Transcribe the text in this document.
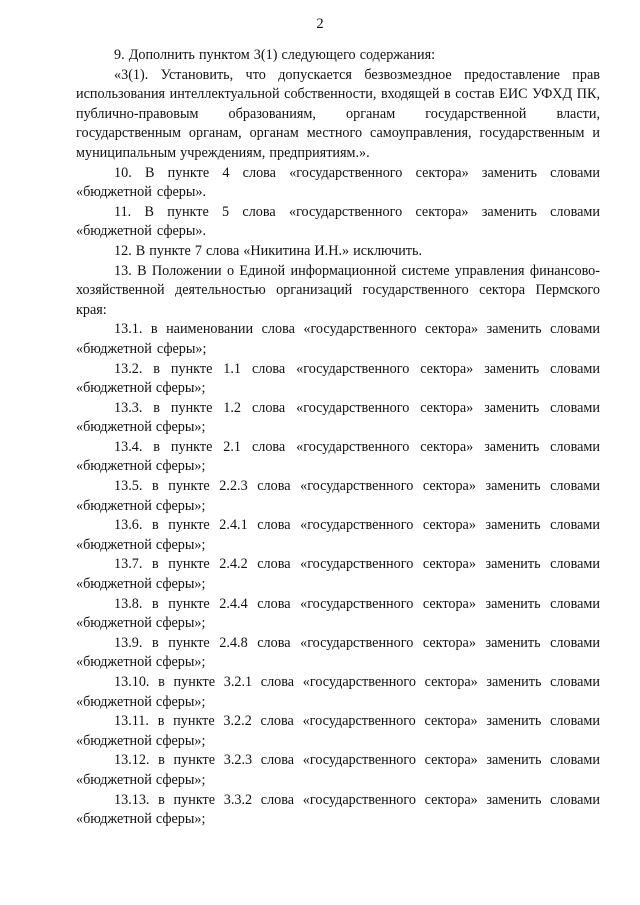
2

9. Дополнить пунктом 3(1) следующего содержания:

«3(1). Установить, что допускается безвозмездное предоставление прав использования интеллектуальной собственности, входящей в состав ЕИС УФХД ПК, публично-правовым образованиям, органам государственной власти, государственным органам, органам местного самоуправления, государственным и муниципальным учреждениям, предприятиям.».

10. В пункте 4 слова «государственного сектора» заменить словами «бюджетной сферы».

11. В пункте 5 слова «государственного сектора» заменить словами «бюджетной сферы».

12. В пункте 7 слова «Никитина И.Н.» исключить.

13. В Положении о Единой информационной системе управления финансово-хозяйственной деятельностью организаций государственного сектора Пермского края:

13.1. в наименовании слова «государственного сектора» заменить словами «бюджетной сферы»;

13.2. в пункте 1.1 слова «государственного сектора» заменить словами «бюджетной сферы»;

13.3. в пункте 1.2 слова «государственного сектора» заменить словами «бюджетной сферы»;

13.4. в пункте 2.1 слова «государственного сектора» заменить словами «бюджетной сферы»;

13.5. в пункте 2.2.3 слова «государственного сектора» заменить словами «бюджетной сферы»;

13.6. в пункте 2.4.1 слова «государственного сектора» заменить словами «бюджетной сферы»;

13.7. в пункте 2.4.2 слова «государственного сектора» заменить словами «бюджетной сферы»;

13.8. в пункте 2.4.4 слова «государственного сектора» заменить словами «бюджетной сферы»;

13.9. в пункте 2.4.8 слова «государственного сектора» заменить словами «бюджетной сферы»;

13.10. в пункте 3.2.1 слова «государственного сектора» заменить словами «бюджетной сферы»;

13.11. в пункте 3.2.2 слова «государственного сектора» заменить словами «бюджетной сферы»;

13.12. в пункте 3.2.3 слова «государственного сектора» заменить словами «бюджетной сферы»;

13.13. в пункте 3.3.2 слова «государственного сектора» заменить словами «бюджетной сферы»;
